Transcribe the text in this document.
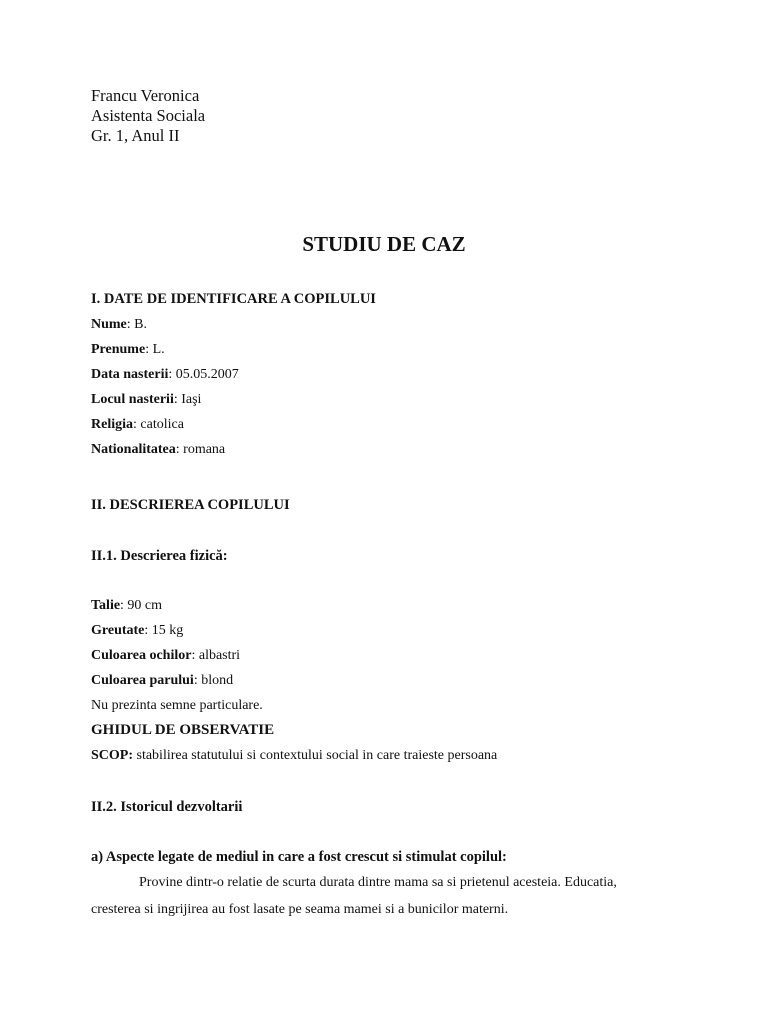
Francu Veronica
Asistenta Sociala
Gr. 1, Anul II
STUDIU DE CAZ
I. DATE DE IDENTIFICARE A COPILULUI
Nume: B.
Prenume: L.
Data nasterii: 05.05.2007
Locul nasterii: Iaşi
Religia: catolica
Nationalitatea: romana
II. DESCRIEREA COPILULUI
II.1. Descrierea fizică:
Talie: 90 cm
Greutate: 15 kg
Culoarea ochilor: albastri
Culoarea parului: blond
Nu prezinta semne particulare.
GHIDUL DE OBSERVATIE
SCOP: stabilirea statutului si contextului social in care traieste persoana
II.2. Istoricul dezvoltarii
a) Aspecte legate de mediul in care a fost crescut si stimulat copilul:
Provine dintr-o relatie de scurta durata dintre mama sa si prietenul acesteia. Educatia,
cresterea si ingrijirea au fost lasate pe seama mamei si a bunicilor materni.
